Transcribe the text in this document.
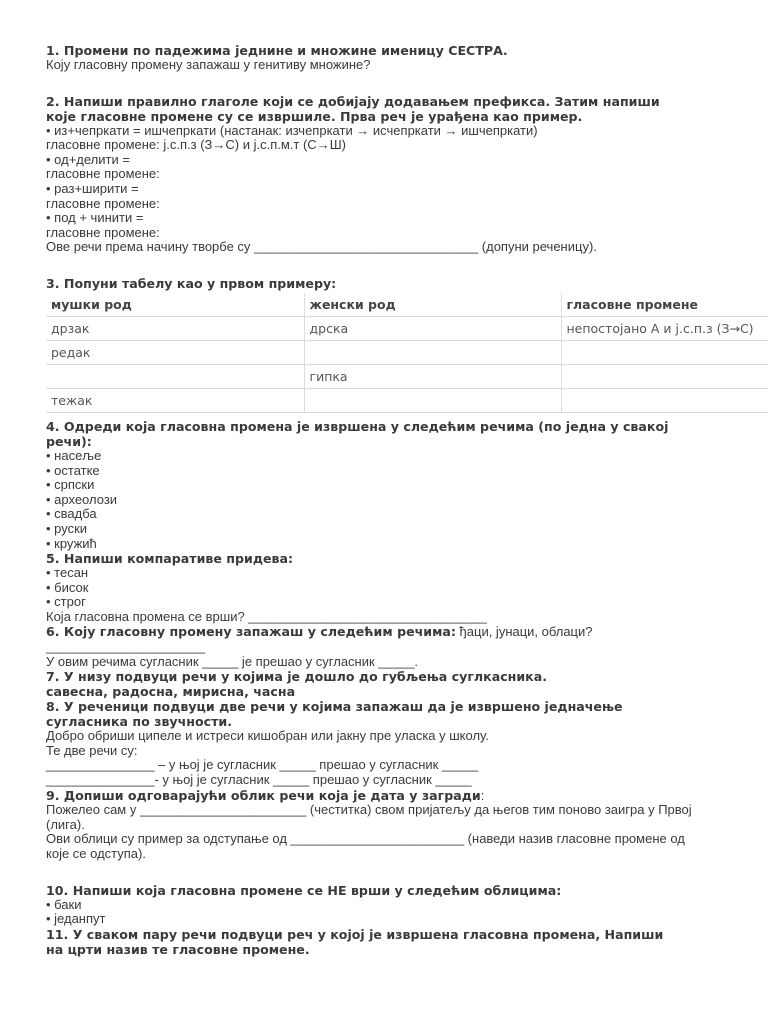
1. Промени по падежима једнине и множине именицу СЕСТРА.
Коју гласовну промену запажаш у генитиву множине?
2. Напиши правилно глаголе који се добијају додавањем префикса. Затим напиши
које гласовне промене су се извршиле. Прва реч је урађена као пример.
• из+чепркати = ишчепркати (настанак: изчепркати → исчепркати → ишчепркати)
гласовне промене: ј.с.п.з (З→С) и ј.с.п.м.т (С→Ш)
• од+делити =
гласовне промене:
• раз+ширити =
гласовне промене:
• под + чинити =
гласовне промене:
Ове речи према начину творбе су _______________________________ (допуни реченицу).
3. Попуни табелу као у првом примеру:
мушки род	женски род	гласовне промене
дрзак	дрска	непостојано А и ј.с.п.з (З→С)
редак		
	гипка	
тежак		
4. Одреди која гласовна промена је извршена у следећим речима (по једна у свакој
речи):
• насеље
• остатке
• српски
• археолози
• свадба
• руски
• кружић
5. Напиши компаративе придева:
• тесан
• бисок
• строг
Која гласовна промена се врши? _________________________________
6. Коју гласовну промену запажаш у следећим речима: ђаци, јунаци, облаци?
______________________
У овим речима сугласник _____ је прешао у сугласник _____.
7. У низу подвуци речи у којима је дошло до губљења суглкасника.
савесна, радосна, мирисна, часна
8. У реченици подвуци две речи у којима запажаш да је извршено једначење
сугласника по звучности.
Добро обриши ципеле и истреси кишобран или јакну пре уласка у школу.
Те две речи су:
_______________ – у њој је сугласник _____ прешао у сугласник _____
_______________- у њој је сугласник _____ прешао у сугласник _____
9. Допиши одговарајући облик речи која је дата у загради:
Пожелео сам у _______________________ (честитка) свом пријатељу да његов тим поново заигра у Првој
(лига).
Ови облици су пример за одступање од ________________________ (наведи назив гласовне промене од
које се одступа).
10. Напиши која гласовна промене се НЕ врши у следећим облицима:
• баки
• једанпут
11. У сваком пару речи подвуци реч у којој је извршена гласовна промена, Напиши
на црти назив те гласовне промене.
